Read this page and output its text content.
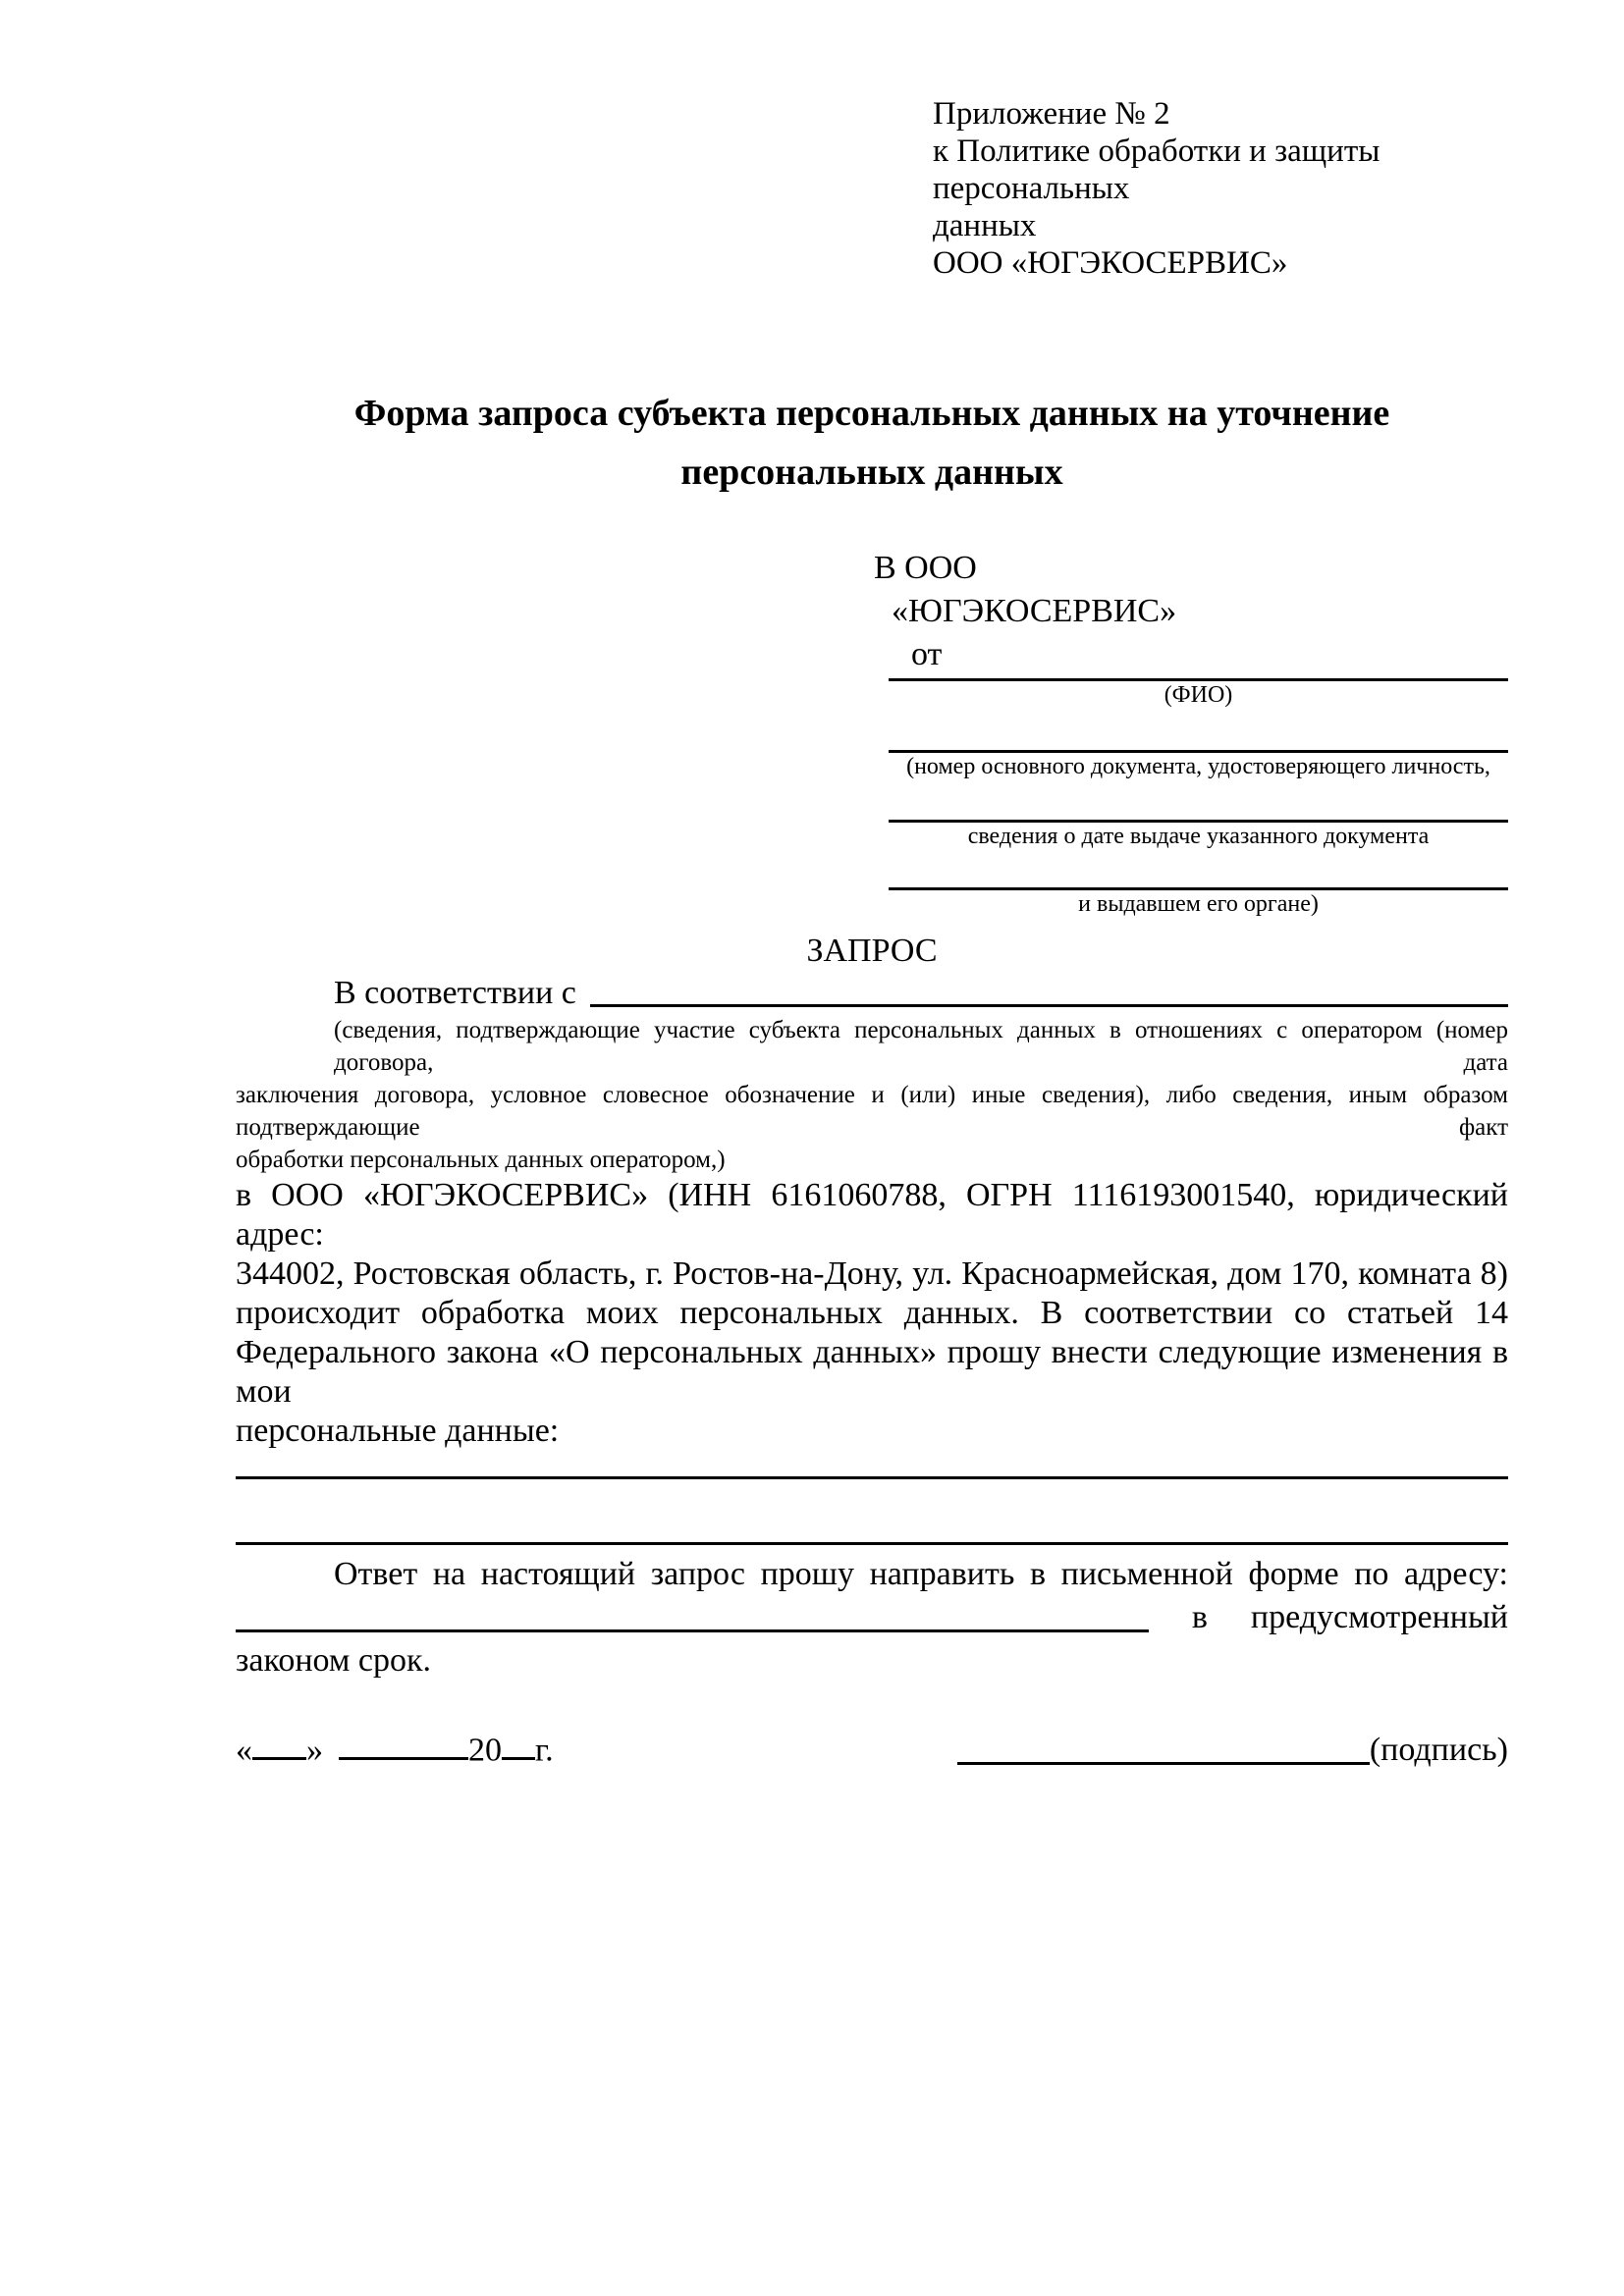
Приложение № 2
к Политике обработки и защиты персональных
данных
ООО «ЮГЭКОСЕРВИС»
Форма запроса субъекта персональных данных на уточнение
персональных данных
В ООО
«ЮГЭКОСЕРВИС»
от
(ФИО)
(номер основного документа, удостоверяющего личность,
сведения о дате выдаче указанного документа
и выдавшем его органе)
ЗАПРОС
В соответствии с
(сведения, подтверждающие участие субъекта персональных данных в отношениях с оператором (номер договора, дата
заключения договора, условное словесное обозначение и (или) иные сведения), либо сведения, иным образом подтверждающие факт
обработки персональных данных оператором,)
в ООО «ЮГЭКОСЕРВИС» (ИНН 6161060788, ОГРН 1116193001540, юридический адрес:
344002, Ростовская область, г. Ростов-на-Дону, ул. Красноармейская, дом 170, комната 8)
происходит обработка моих персональных данных. В соответствии со статьей 14
Федерального закона «О персональных данных» прошу внести следующие изменения в мои
персональные данные:
Ответ на настоящий запрос прошу направить в письменной форме по адресу:
в предусмотренный
законом срок.
« »	20 г.	(подпись)
